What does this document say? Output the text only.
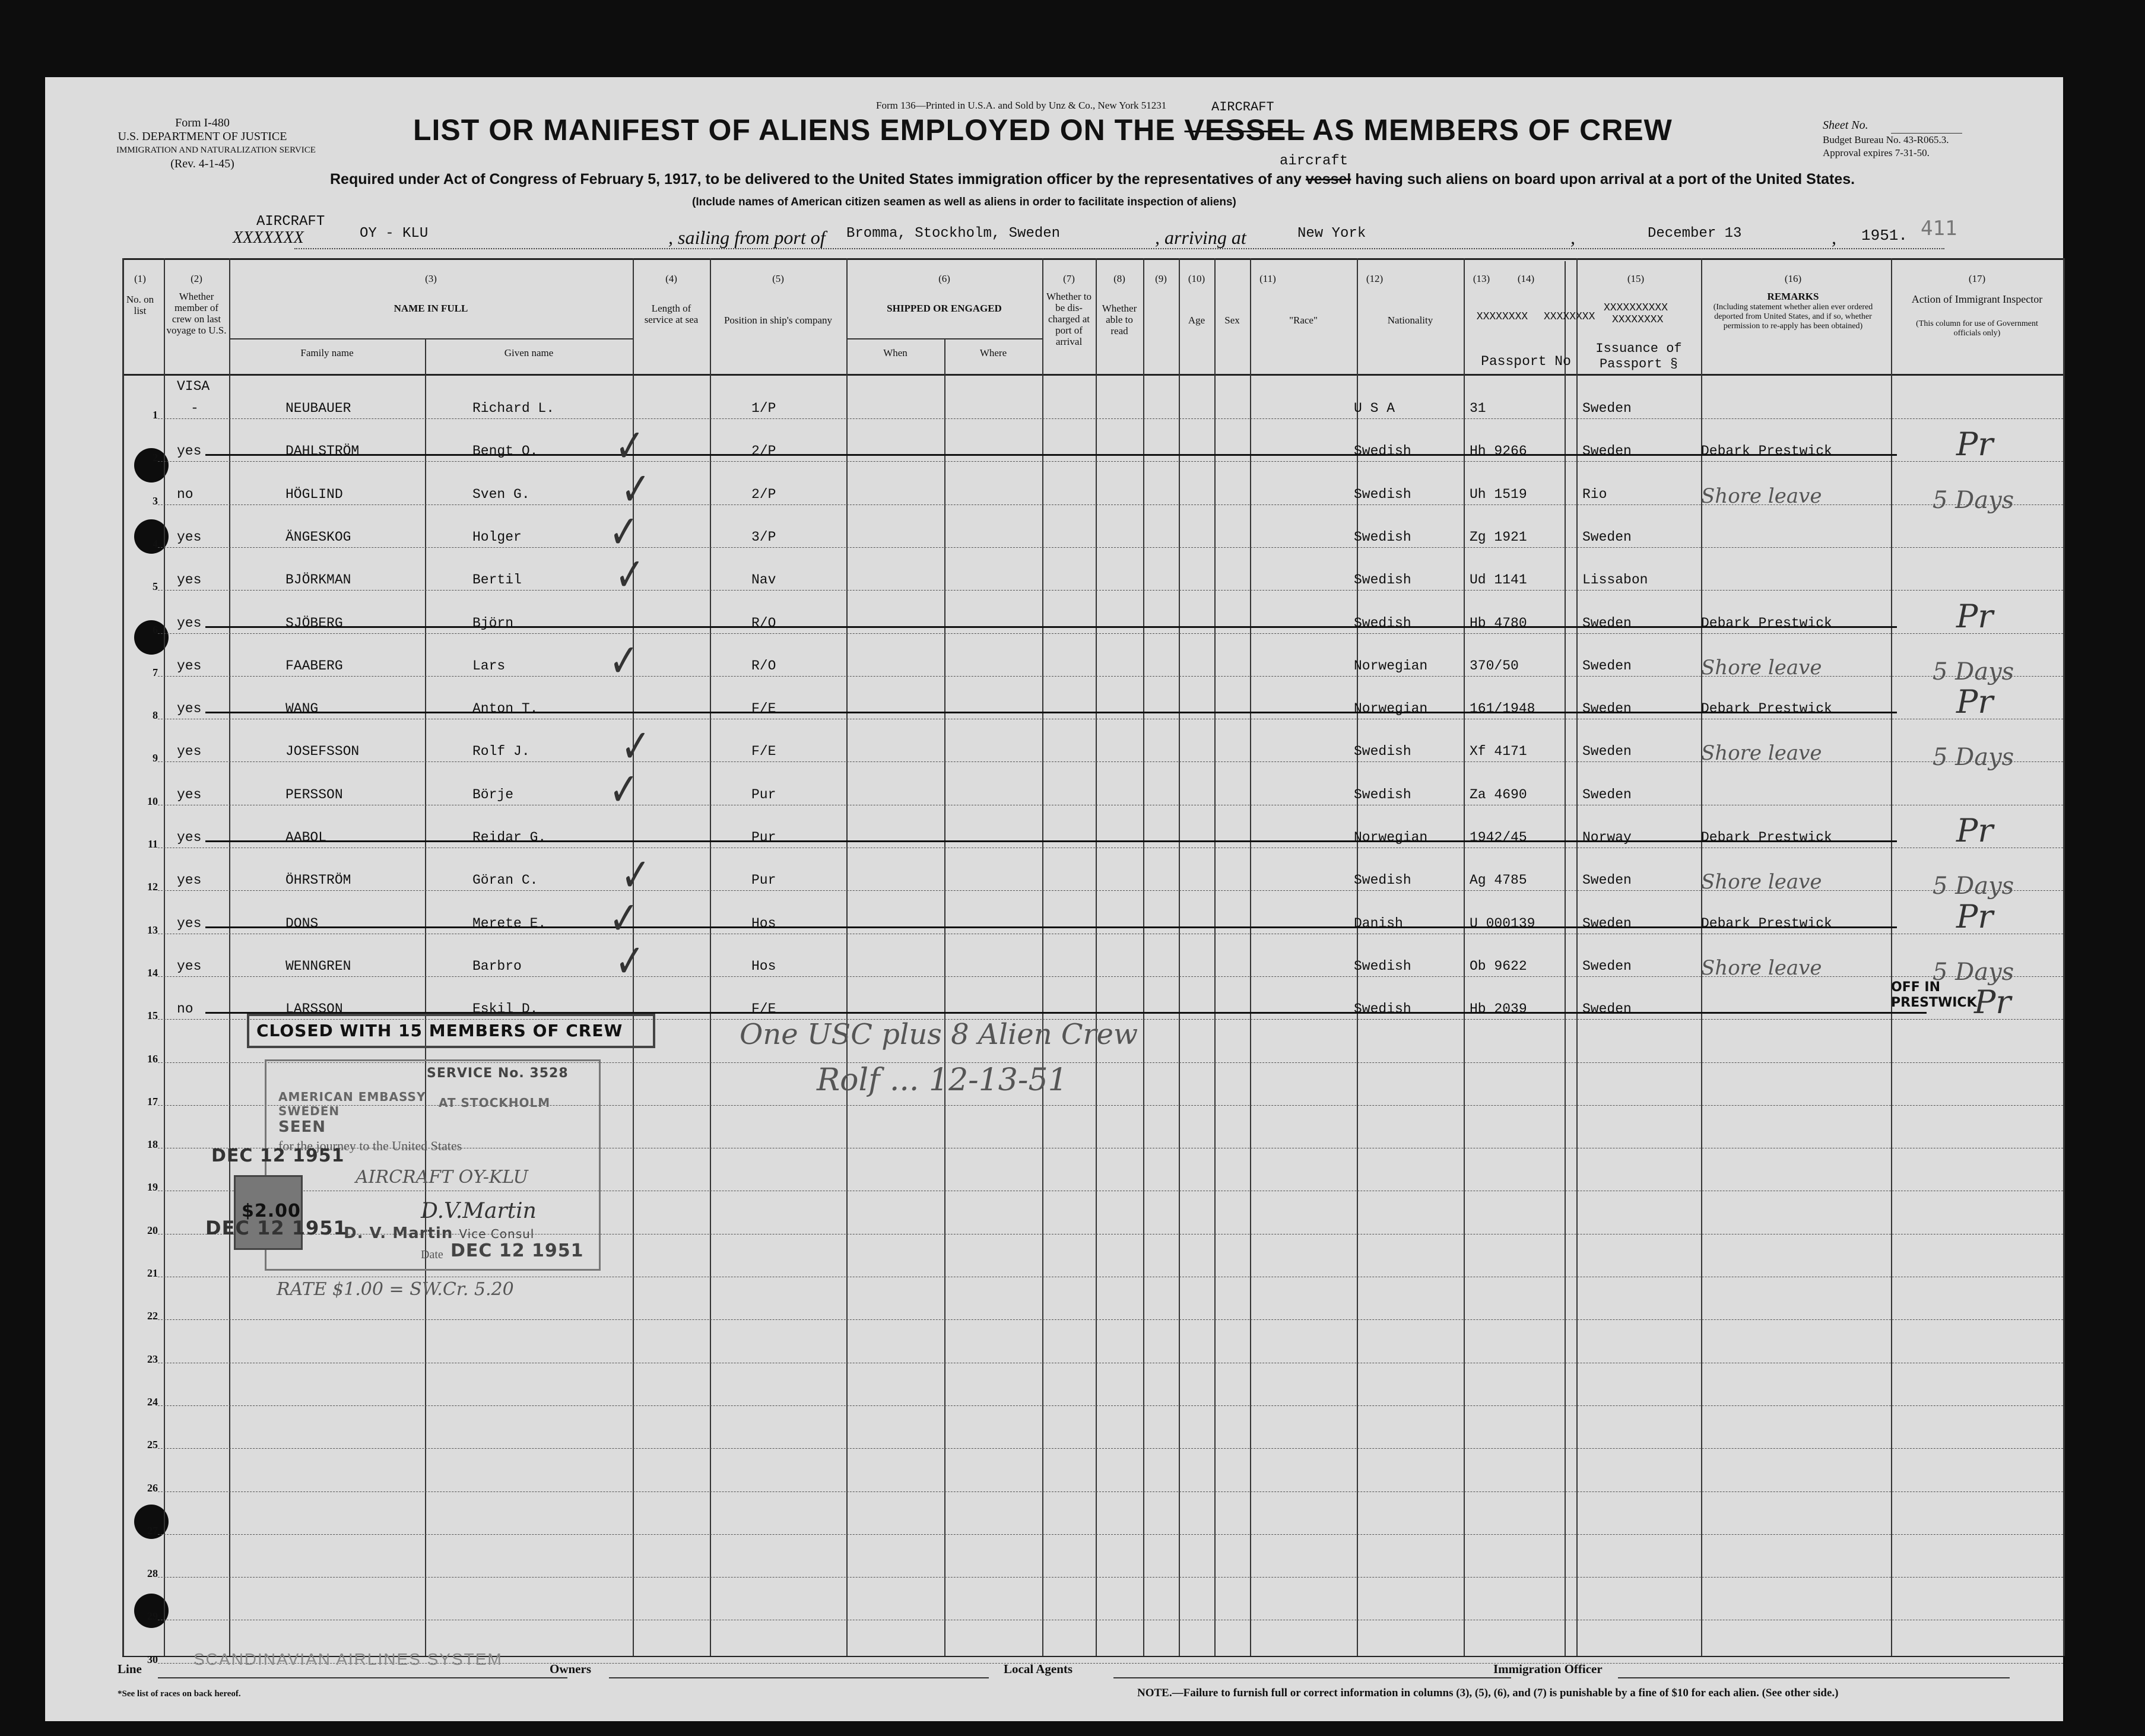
Form I-480
U.S. DEPARTMENT OF JUSTICE
IMMIGRATION AND NATURALIZATION SERVICE
(Rev. 4-1-45)
Form 136—Printed in U.S.A. and Sold by Unz & Co., New York 51231	AIRCRAFT
LIST OR MANIFEST OF ALIENS EMPLOYED ON THE VESSEL AS MEMBERS OF CREW
aircraft
Required under Act of Congress of February 5, 1917, to be delivered to the United States immigration officer by the representatives of any vessel having such aliens on board upon arrival at a port of the United States.
(Include names of American citizen seamen as well as aliens in order to facilitate inspection of aliens)
Sheet No.
Budget Bureau No. 43-R065.3.
Approval expires 7-31-50.
AIRCRAFT
XXXXXXX	OY - KLU	, sailing from port of Bromma, Stockholm, Sweden	, arriving at	New York	,	December 13	, 1951. 411
(1)	(2)	(3)	(4)	(5)	(6)	(7)	(8)	(9)	(10)	(11)	(12)	(13)	(14)	(15)	(16)	(17)
No. on list
Whether member of crew on last voyage to U.S.
NAME IN FULL
Family name	Given name
Length of service at sea	Position in ship's company
SHIPPED OR ENGAGED
When	Where
Whether to be dis-charged at port of arrival
Whether able to read
Age	Sex	"Race"	Nationality	XXXXXXXX	XXXXXXXX
Passport No
XXXXXXXXXX
XXXXXXXX
Issuance of Passport §
REMARKS
(Including statement whether alien ever ordered deported from United States, and if so, whether permission to re-apply has been obtained)
Action of Immigrant Inspector
(This column for use of Government officials only)
VISA
1 -	NEUBAUER	Richard L.	1/P	U S A	31	Sweden
2 yes	DAHLSTRÖM	Bengt O.	2/P	Swedish	Hh 9266	Sweden	Debark Prestwick	Pr
✓
3 no	HÖGLIND	Sven G.	2/P	Swedish	Uh 1519	Rio	Shore leave	5 Days
✓
4 yes	ÄNGESKOG	Holger	3/P	Swedish	Zg 1921	Sweden
✓
5 yes	BJÖRKMAN	Bertil	Nav	Swedish	Ud 1141	Lissabon
✓
6 yes	SJÖBERG	Björn	R/O	Swedish	Hb 4780	Sweden	Debark Prestwick	Pr
7 yes	FAABERG	Lars	R/O	Norwegian	370/50	Sweden	Shore leave	5 Days
✓
8 yes	WANG	Anton T.	F/E	Norwegian	161/1948	Sweden	Debark Prestwick	Pr
9 yes	JOSEFSSON	Rolf J.	F/E	Swedish	Xf 4171	Sweden	Shore leave	5 Days
✓
10 yes	PERSSON	Börje	Pur	Swedish	Za 4690	Sweden
✓
11 yes	AABOL	Reidar G.	Pur	Norwegian	1942/45	Norway	Debark Prestwick	Pr
12 yes	ÖHRSTRÖM	Göran C.	Pur	Swedish	Ag 4785	Sweden	Shore leave	5 Days
✓
13 yes	DONS	Merete E.	Hos	Danish	U 000139	Sweden	Debark Prestwick	Pr
✓
14 yes	WENNGREN	Barbro	Hos	Swedish	Ob 9622	Sweden	Shore leave	5 Days
✓
15 no	LARSSON	Eskil D.	F/E	Swedish	Hb 2039	Sweden
OFF IN PRESTWICK
Pr
16
17
18
19
20
21
22
23
24
25
26
27
28
29
30
CLOSED WITH 15 MEMBERS OF CREW
SERVICE No. 3528
AMERICAN EMBASSY AT STOCKHOLM
SWEDEN
SEEN
for the journey to the United States
AIRCRAFT OY-KLU
D.V.Martin
D. V. Martin Vice Consul
Date DEC 12 1951
DEC 12 1951
$2.00
DEC 12 1951
RATE $1.00 = SW.Cr. 5.20
One USC plus 8 Alien Crew
Rolf ... 12-13-51
Line
SCANDINAVIAN AIRLINES SYSTEM
Owners	Local Agents	Immigration Officer
*See list of races on back hereof.	NOTE.—Failure to furnish full or correct information in columns (3), (5), (6), and (7) is punishable by a fine of $10 for each alien. (See other side.)
